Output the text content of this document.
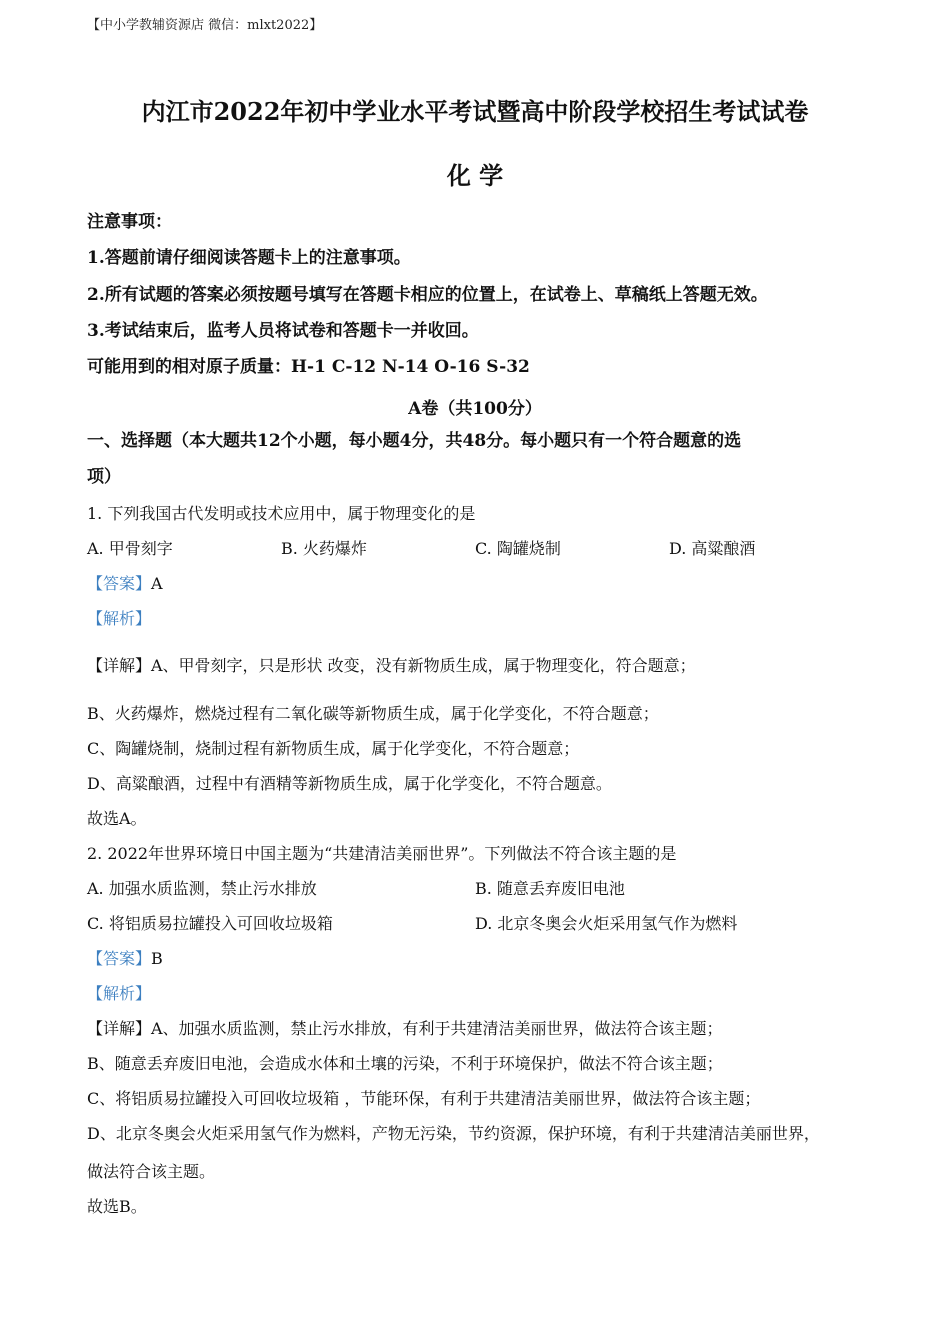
【中小学教辅资源店 微信：mlxt2022】
内江市2022年初中学业水平考试暨高中阶段学校招生考试试卷
化 学
注意事项：
1.答题前请仔细阅读答题卡上的注意事项。
2.所有试题的答案必须按题号填写在答题卡相应的位置上，在试卷上、草稿纸上答题无效。
3.考试结束后，监考人员将试卷和答题卡一并收回。
可能用到的相对原子质量：H-1 C-12 N-14 O-16 S-32
A卷（共100分）
一、选择题（本大题共12个小题，每小题4分，共48分。每小题只有一个符合题意的选
项）
1. 下列我国古代发明或技术应用中，属于物理变化的是
A. 甲骨刻字	B. 火药爆炸	C. 陶罐烧制	D. 高粱酿酒
【答案】A
【解析】
【详解】A、甲骨刻字，只是形状 改变，没有新物质生成，属于物理变化，符合题意；
B、火药爆炸，燃烧过程有二氧化碳等新物质生成，属于化学变化，不符合题意；
C、陶罐烧制，烧制过程有新物质生成，属于化学变化，不符合题意；
D、高粱酿酒，过程中有酒精等新物质生成，属于化学变化，不符合题意。
故选A。
2. 2022年世界环境日中国主题为“共建清洁美丽世界”。下列做法不符合该主题的是
A. 加强水质监测，禁止污水排放	B. 随意丢弃废旧电池
C. 将铝质易拉罐投入可回收垃圾箱	D. 北京冬奥会火炬采用氢气作为燃料
【答案】B
【解析】
【详解】A、加强水质监测，禁止污水排放，有利于共建清洁美丽世界，做法符合该主题；
B、随意丢弃废旧电池，会造成水体和土壤的污染，不利于环境保护，做法不符合该主题；
C、将铝质易拉罐投入可回收垃圾箱 ，节能环保，有利于共建清洁美丽世界，做法符合该主题；
D、北京冬奥会火炬采用氢气作为燃料，产物无污染，节约资源，保护环境，有利于共建清洁美丽世界，
做法符合该主题。
故选B。
